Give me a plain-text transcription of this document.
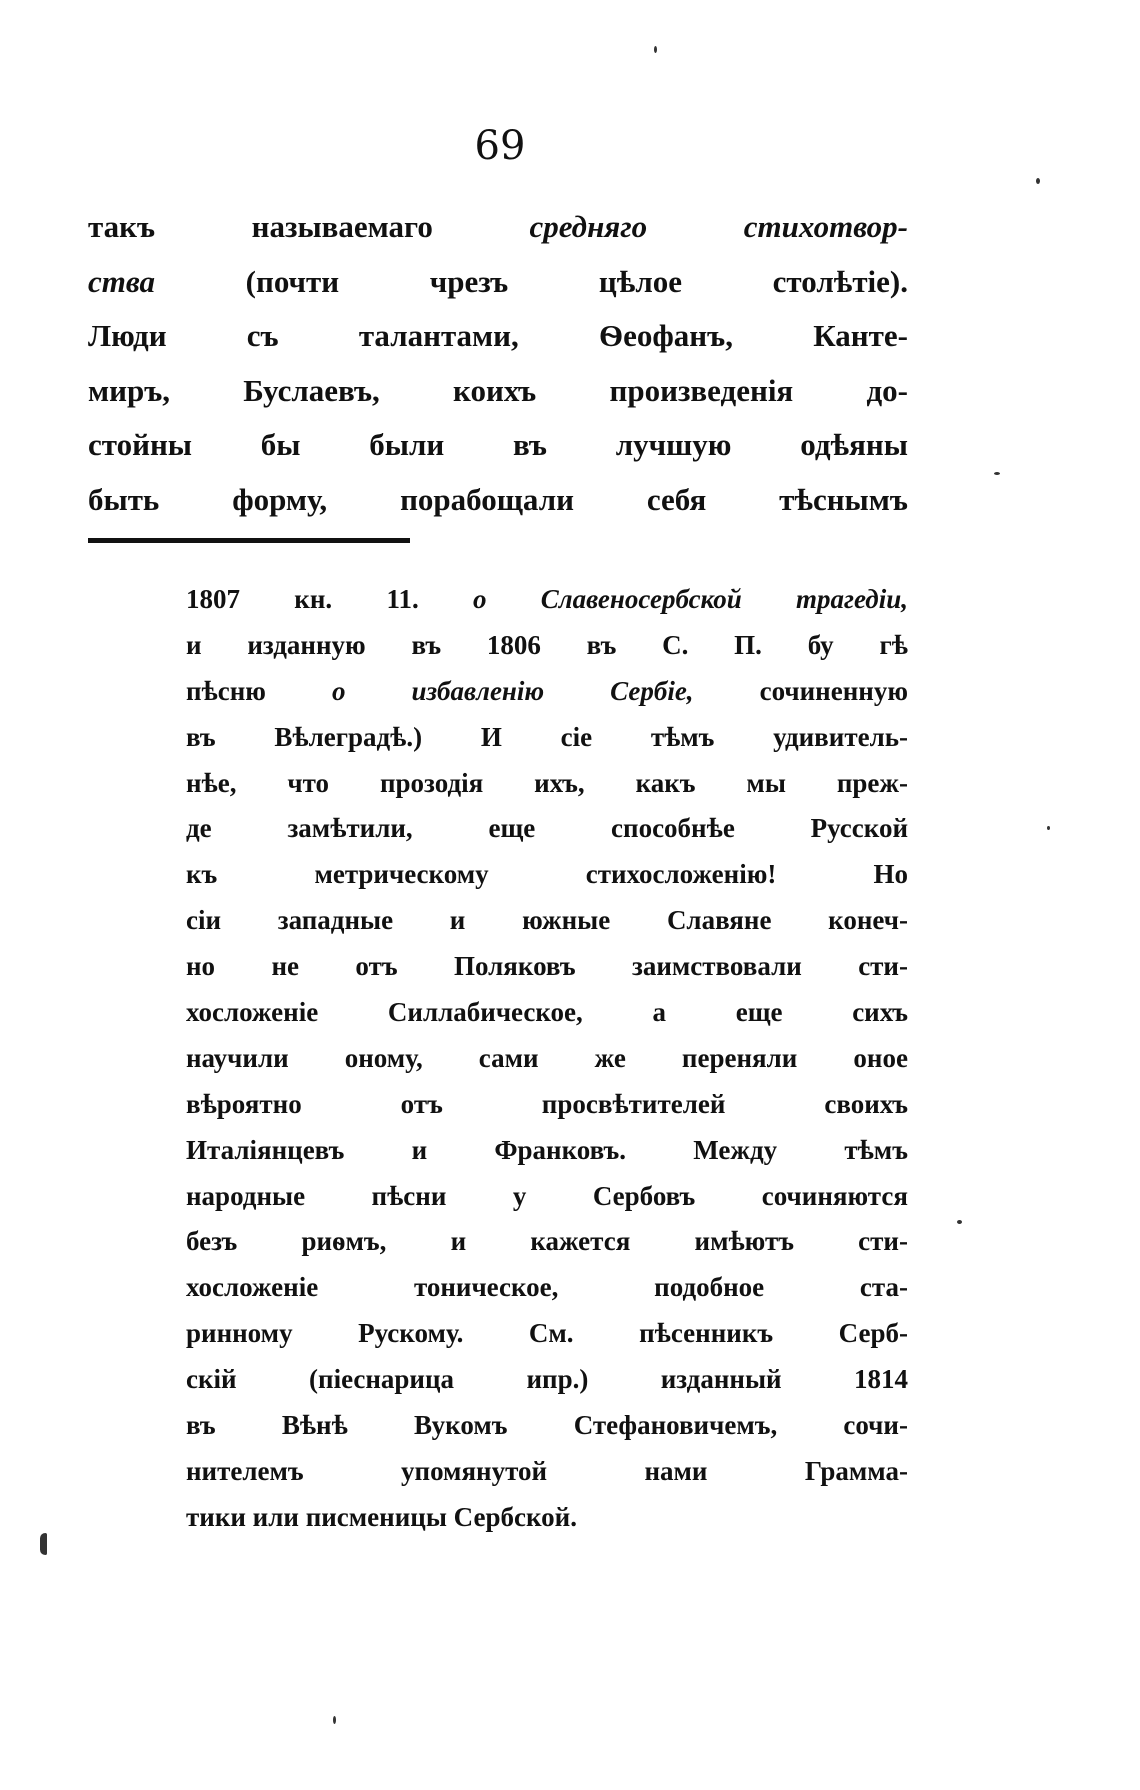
69
такъ	называемаго	средняго	стихотвор-
ства	(почти	чрезъ	цѣлое	столѣтіе).
Люди	съ	талантами,	Ѳеофанъ,	Канте-
миръ, Буслаевъ, коихъ произведенія до-
стойны бы были въ лучшую одѣяны
быть форму, порабощали себя тѣснымъ
1807 кн. 11. о Славеносербской трагедіи,
и изданную въ 1806 въ С. П. бу гѣ
пѣсню о избавленію Сербіе, сочиненную
въ Вѣлеградѣ.) И сіе тѣмъ удивитель-
нѣе, что прозодія ихъ, какъ мы преж-
де	замѣтили,	еще	способнѣе	Русской
къ	метрическому	стихосложенію!	Но
сіи западные и южные Славяне конеч-
но не отъ Поляковъ заимствовали сти-
хосложеніе	Силлабическое,	а	еще	сихъ
научили оному, сами же переняли оное
вѣроятно	отъ	просвѣтителей	своихъ
Италіянцевъ и Франковъ. Между тѣмъ
народные пѣсни у Сербовъ сочиняются
безъ риѳмъ, и кажется имѣютъ сти-
хосложеніе	тоническое,	подобное	ста-
ринному Рускому. См. пѣсенникъ Серб-
скій	(піеснарица	ипр.)	изданный	1814
въ Вѣнѣ Вукомъ Стефановичемъ, сочи-
нителемъ	упомянутой	нами	Грамма-
тики или писменицы Сербской.
